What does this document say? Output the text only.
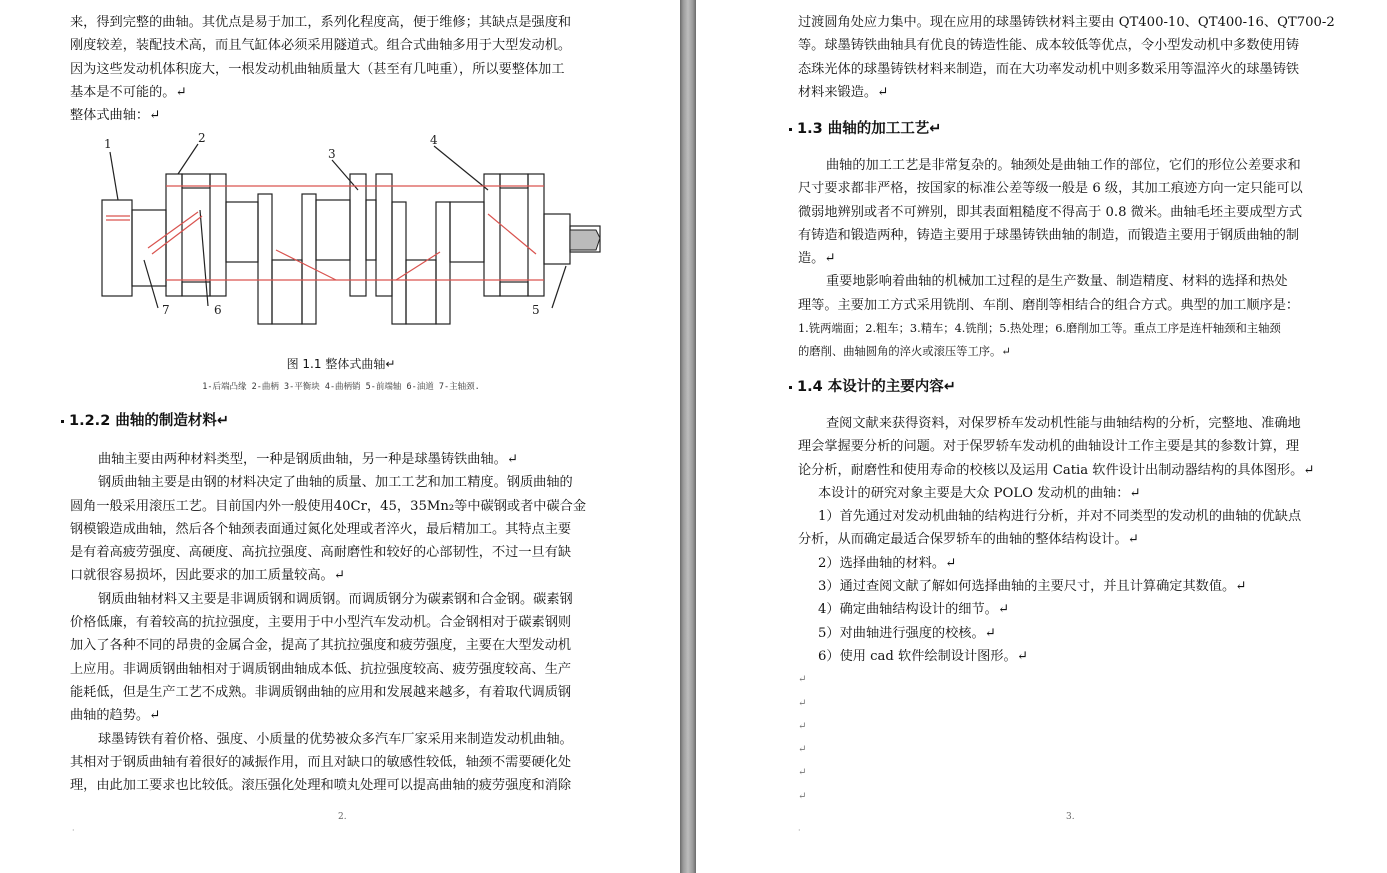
来，得到完整的曲轴。其优点是易于加工，系列化程度高，便于维修；其缺点是强度和
刚度较差，装配技术高，而且气缸体必须采用隧道式。组合式曲轴多用于大型发动机。
因为这些发动机体积庞大，一根发动机曲轴质量大（甚至有几吨重），所以要整体加工
基本是不可能的。↵
整体式曲轴：↵
1	2
3
4
5
6
7
图 1.1 整体式曲轴↵
1-后端凸缘 2-曲柄 3-平衡块 4-曲柄销 5-前端轴 6-油道 7-主轴颈.
1.2.2 曲轴的制造材料↵
曲轴主要由两种材料类型，一种是钢质曲轴，另一种是球墨铸铁曲轴。↵
钢质曲轴主要是由钢的材料决定了曲轴的质量、加工工艺和加工精度。钢质曲轴的
圆角一般采用滚压工艺。目前国内外一般使用40Cr，45，35Mn₂等中碳钢或者中碳合金
钢模锻造成曲轴，然后各个轴颈表面通过氮化处理或者淬火，最后精加工。其特点主要
是有着高疲劳强度、高硬度、高抗拉强度、高耐磨性和较好的心部韧性，不过一旦有缺
口就很容易损坏，因此要求的加工质量较高。↵
钢质曲轴材料又主要是非调质钢和调质钢。而调质钢分为碳素钢和合金钢。碳素钢
价格低廉，有着较高的抗拉强度，主要用于中小型汽车发动机。合金钢相对于碳素钢则
加入了各种不同的昂贵的金属合金，提高了其抗拉强度和疲劳强度，主要在大型发动机
上应用。非调质钢曲轴相对于调质钢曲轴成本低、抗拉强度较高、疲劳强度较高、生产
能耗低，但是生产工艺不成熟。非调质钢曲轴的应用和发展越来越多，有着取代调质钢
曲轴的趋势。↵
球墨铸铁有着价格、强度、小质量的优势被众多汽车厂家采用来制造发动机曲轴。
其相对于钢质曲轴有着很好的减振作用，而且对缺口的敏感性较低，轴颈不需要硬化处
理，由此加工要求也比较低。滚压强化处理和喷丸处理可以提高曲轴的疲劳强度和消除
2.
·
过渡圆角处应力集中。现在应用的球墨铸铁材料主要由 QT400-10、QT400-16、QT700-2
等。球墨铸铁曲轴具有优良的铸造性能、成本较低等优点，令小型发动机中多数使用铸
态珠光体的球墨铸铁材料来制造，而在大功率发动机中则多数采用等温淬火的球墨铸铁
材料来锻造。↵
1.3 曲轴的加工工艺↵
曲轴的加工工艺是非常复杂的。轴颈处是曲轴工作的部位，它们的形位公差要求和
尺寸要求都非严格，按国家的标准公差等级一般是 6 级，其加工痕迹方向一定只能可以
微弱地辨别或者不可辨别，即其表面粗糙度不得高于 0.8 微米。曲轴毛坯主要成型方式
有铸造和锻造两种，铸造主要用于球墨铸铁曲轴的制造，而锻造主要用于钢质曲轴的制
造。↵
重要地影响着曲轴的机械加工过程的是生产数量、制造精度、材料的选择和热处
理等。主要加工方式采用铣削、车削、磨削等相结合的组合方式。典型的加工顺序是：
1.铣两端面；2.粗车；3.精车；4.铣削；5.热处理；6.磨削加工等。重点工序是连杆轴颈和主轴颈
的磨削、曲轴圆角的淬火或滚压等工序。↵
1.4 本设计的主要内容↵
查阅文献来获得资料，对保罗桥车发动机性能与曲轴结构的分析，完整地、准确地
理会掌握要分析的问题。对于保罗轿车发动机的曲轴设计工作主要是其的参数计算，理
论分析，耐磨性和使用寿命的校核以及运用 Catia 软件设计出制动器结构的具体图形。↵
本设计的研究对象主要是大众 POLO 发动机的曲轴：↵
1）首先通过对发动机曲轴的结构进行分析，并对不同类型的发动机的曲轴的优缺点
分析，从而确定最适合保罗轿车的曲轴的整体结构设计。↵
2）选择曲轴的材料。↵
3）通过查阅文献了解如何选择曲轴的主要尺寸，并且计算确定其数值。↵
4）确定曲轴结构设计的细节。↵
5）对曲轴进行强度的校核。↵
6）使用 cad 软件绘制设计图形。↵
↵
↵
↵
↵
↵
↵
3.
·
